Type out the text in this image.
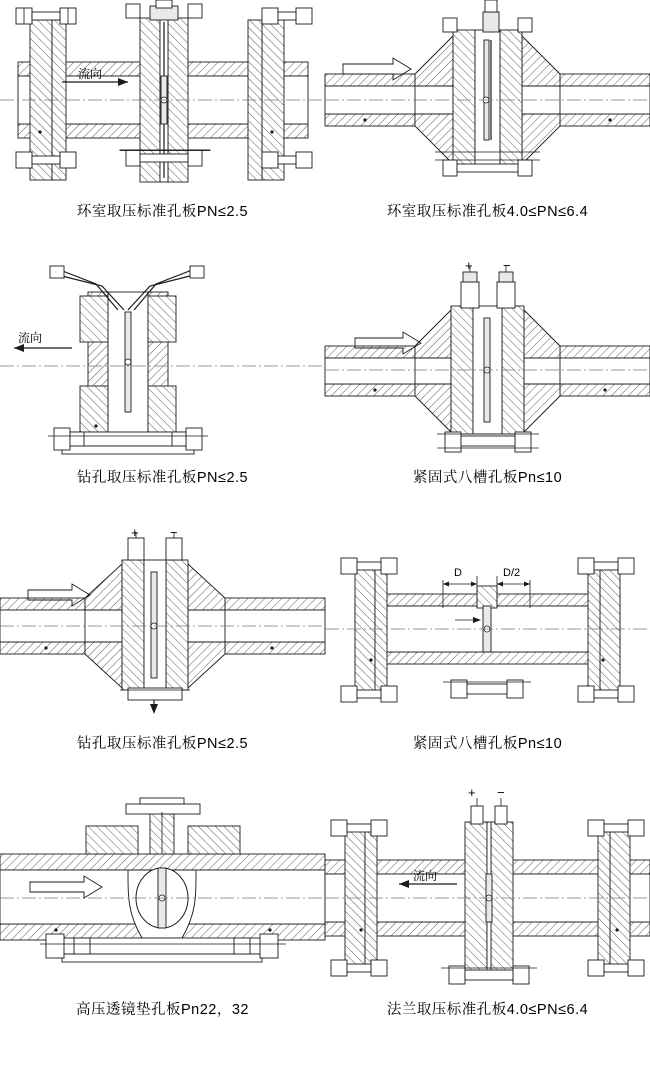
流向
环室取压标准孔板PN≤2.5	环室取压标准孔板4.0≤PN≤6.4
流向
钻孔取压标准孔板PN≤2.5
+ −
紧固式八槽孔板Pn≤10
+ −
钻孔取压标准孔板PN≤2.5
D	D/2
紧固式八槽孔板Pn≤10
高压透镜垫孔板Pn22，32
+ −
流向
法兰取压标准孔板4.0≤PN≤6.4
